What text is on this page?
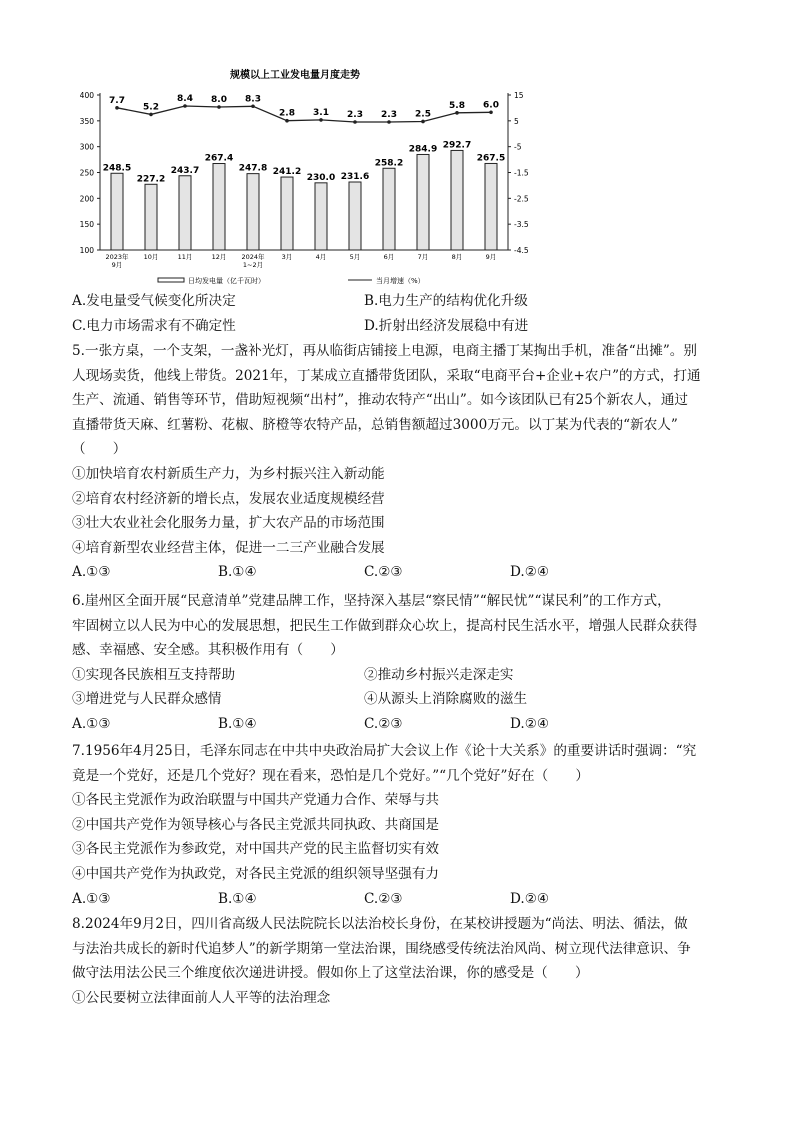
规模以上工业发电量月度走势
400
350
300
250
200
150
100
15
5
-5
-1.5
-2.5
-3.5
-4.5
2023年
9月
10月	11月	12月 2024年
1~2月
3月	4月	5月	6月	7月	8月	9月
248.5
227.2
243.7
267.4
247.8 241.2
230.0 231.6
258.2
284.9 292.7
267.5
7.7
5.2
8.4 8.0 8.3
2.8 3.1 2.3 2.3 2.5
5.8 6.0
日均发电量（亿千瓦时）	当月增速（%）
A.发电量受气候变化所决定	B.电力生产的结构优化升级
C.电力市场需求有不确定性	D.折射出经济发展稳中有进

5.一张方桌，一个支架，一盏补光灯，再从临街店铺接上电源，电商主播丁某掏出手机，准备“出摊”。别

人现场卖货，他线上带货。2021年，丁某成立直播带货团队，采取“电商平台+企业+农户”的方式，打通

生产、流通、销售等环节，借助短视频“出村”，推动农特产“出山”。如今该团队已有25个新农人，通过

直播带货天麻、红薯粉、花椒、脐橙等农特产品，总销售额超过3000万元。以丁某为代表的“新农人”

（　　）

①加快培育农村新质生产力，为乡村振兴注入新动能

②培育农村经济新的增长点，发展农业适度规模经营

③壮大农业社会化服务力量，扩大农产品的市场范围

④培育新型农业经营主体，促进一二三产业融合发展

A.①③	B.①④	C.②③	D.②④

6.崖州区全面开展“民意清单”党建品牌工作，坚持深入基层“察民情”“解民忧”“谋民利”的工作方式，

牢固树立以人民为中心的发展思想，把民生工作做到群众心坎上，提高村民生活水平，增强人民群众获得

感、幸福感、安全感。其积极作用有（　　）

①实现各民族相互支持帮助	②推动乡村振兴走深走实
③增进党与人民群众感情	④从源头上消除腐败的滋生
A.①③	B.①④	C.②③	D.②④

7.1956年4月25日，毛泽东同志在中共中央政治局扩大会议上作《论十大关系》的重要讲话时强调：“究

竟是一个党好，还是几个党好？现在看来，恐怕是几个党好。”“几个党好”好在（　　）

①各民主党派作为政治联盟与中国共产党通力合作、荣辱与共

②中国共产党作为领导核心与各民主党派共同执政、共商国是

③各民主党派作为参政党，对中国共产党的民主监督切实有效

④中国共产党作为执政党，对各民主党派的组织领导坚强有力

A.①③	B.①④	C.②③	D.②④

8.2024年9月2日，四川省高级人民法院院长以法治校长身份，在某校讲授题为“尚法、明法、循法，做

与法治共成长的新时代追梦人”的新学期第一堂法治课，围绕感受传统法治风尚、树立现代法律意识、争

做守法用法公民三个维度依次递进讲授。假如你上了这堂法治课，你的感受是（　　）

①公民要树立法律面前人人平等的法治理念
